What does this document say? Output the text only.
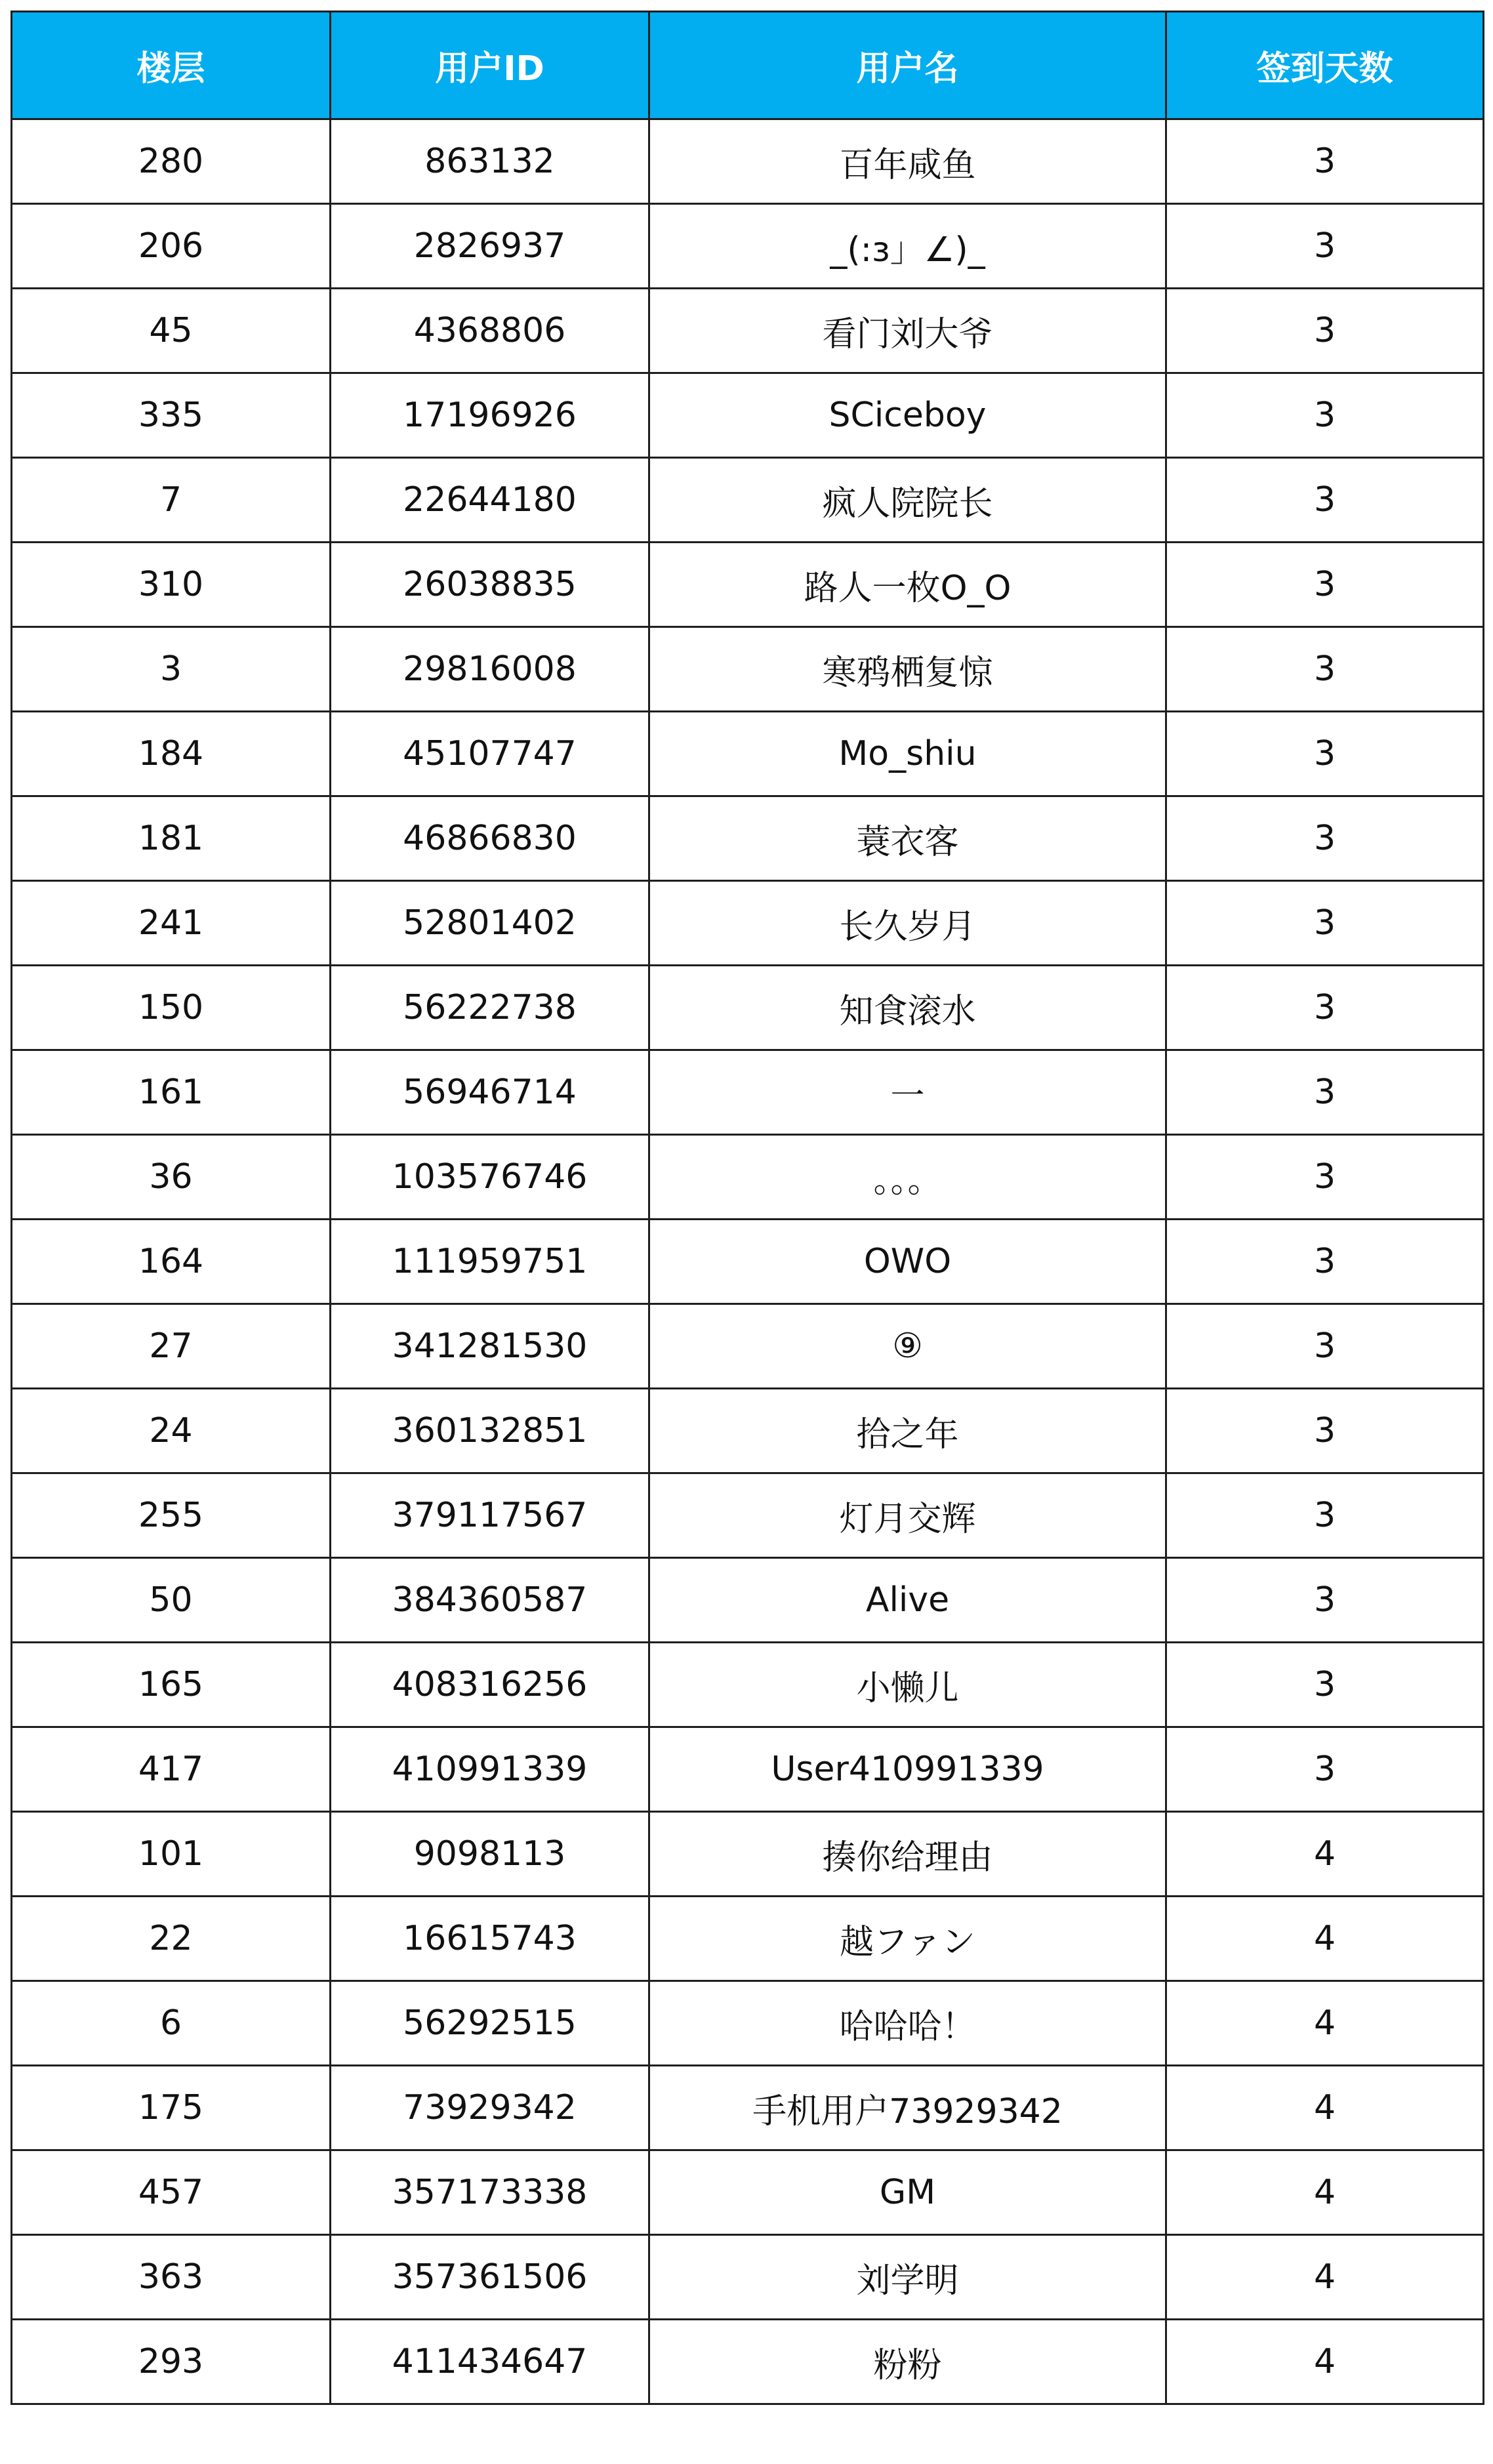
楼层	用户ID	用户名	签到天数
280	863132	百年咸鱼	3
206	2826937	_(:з」∠)_	3
45	4368806	看门刘大爷	3
335	17196926	SCiceboy	3
7	22644180	疯人院院长	3
310	26038835	路人一枚O_O	3
3	29816008	寒鸦栖复惊	3
184	45107747	Mo_shiu	3
181	46866830	蓑衣客	3
241	52801402	长久岁月	3
150	56222738	知食滚水	3
161	56946714	一	3
36	103576746	。。。	3
164	111959751	OWO	3
27	341281530	⑨	3
24	360132851	拾之年	3
255	379117567	灯月交辉	3
50	384360587	Alive	3
165	408316256	小懒儿	3
417	410991339	User410991339	3
101	9098113	揍你给理由	4
22	16615743	越ファン	4
6	56292515	哈哈哈！	4
175	73929342	手机用户73929342	4
457	357173338	GM	4
363	357361506	刘学明	4
293	411434647	粉粉	4
